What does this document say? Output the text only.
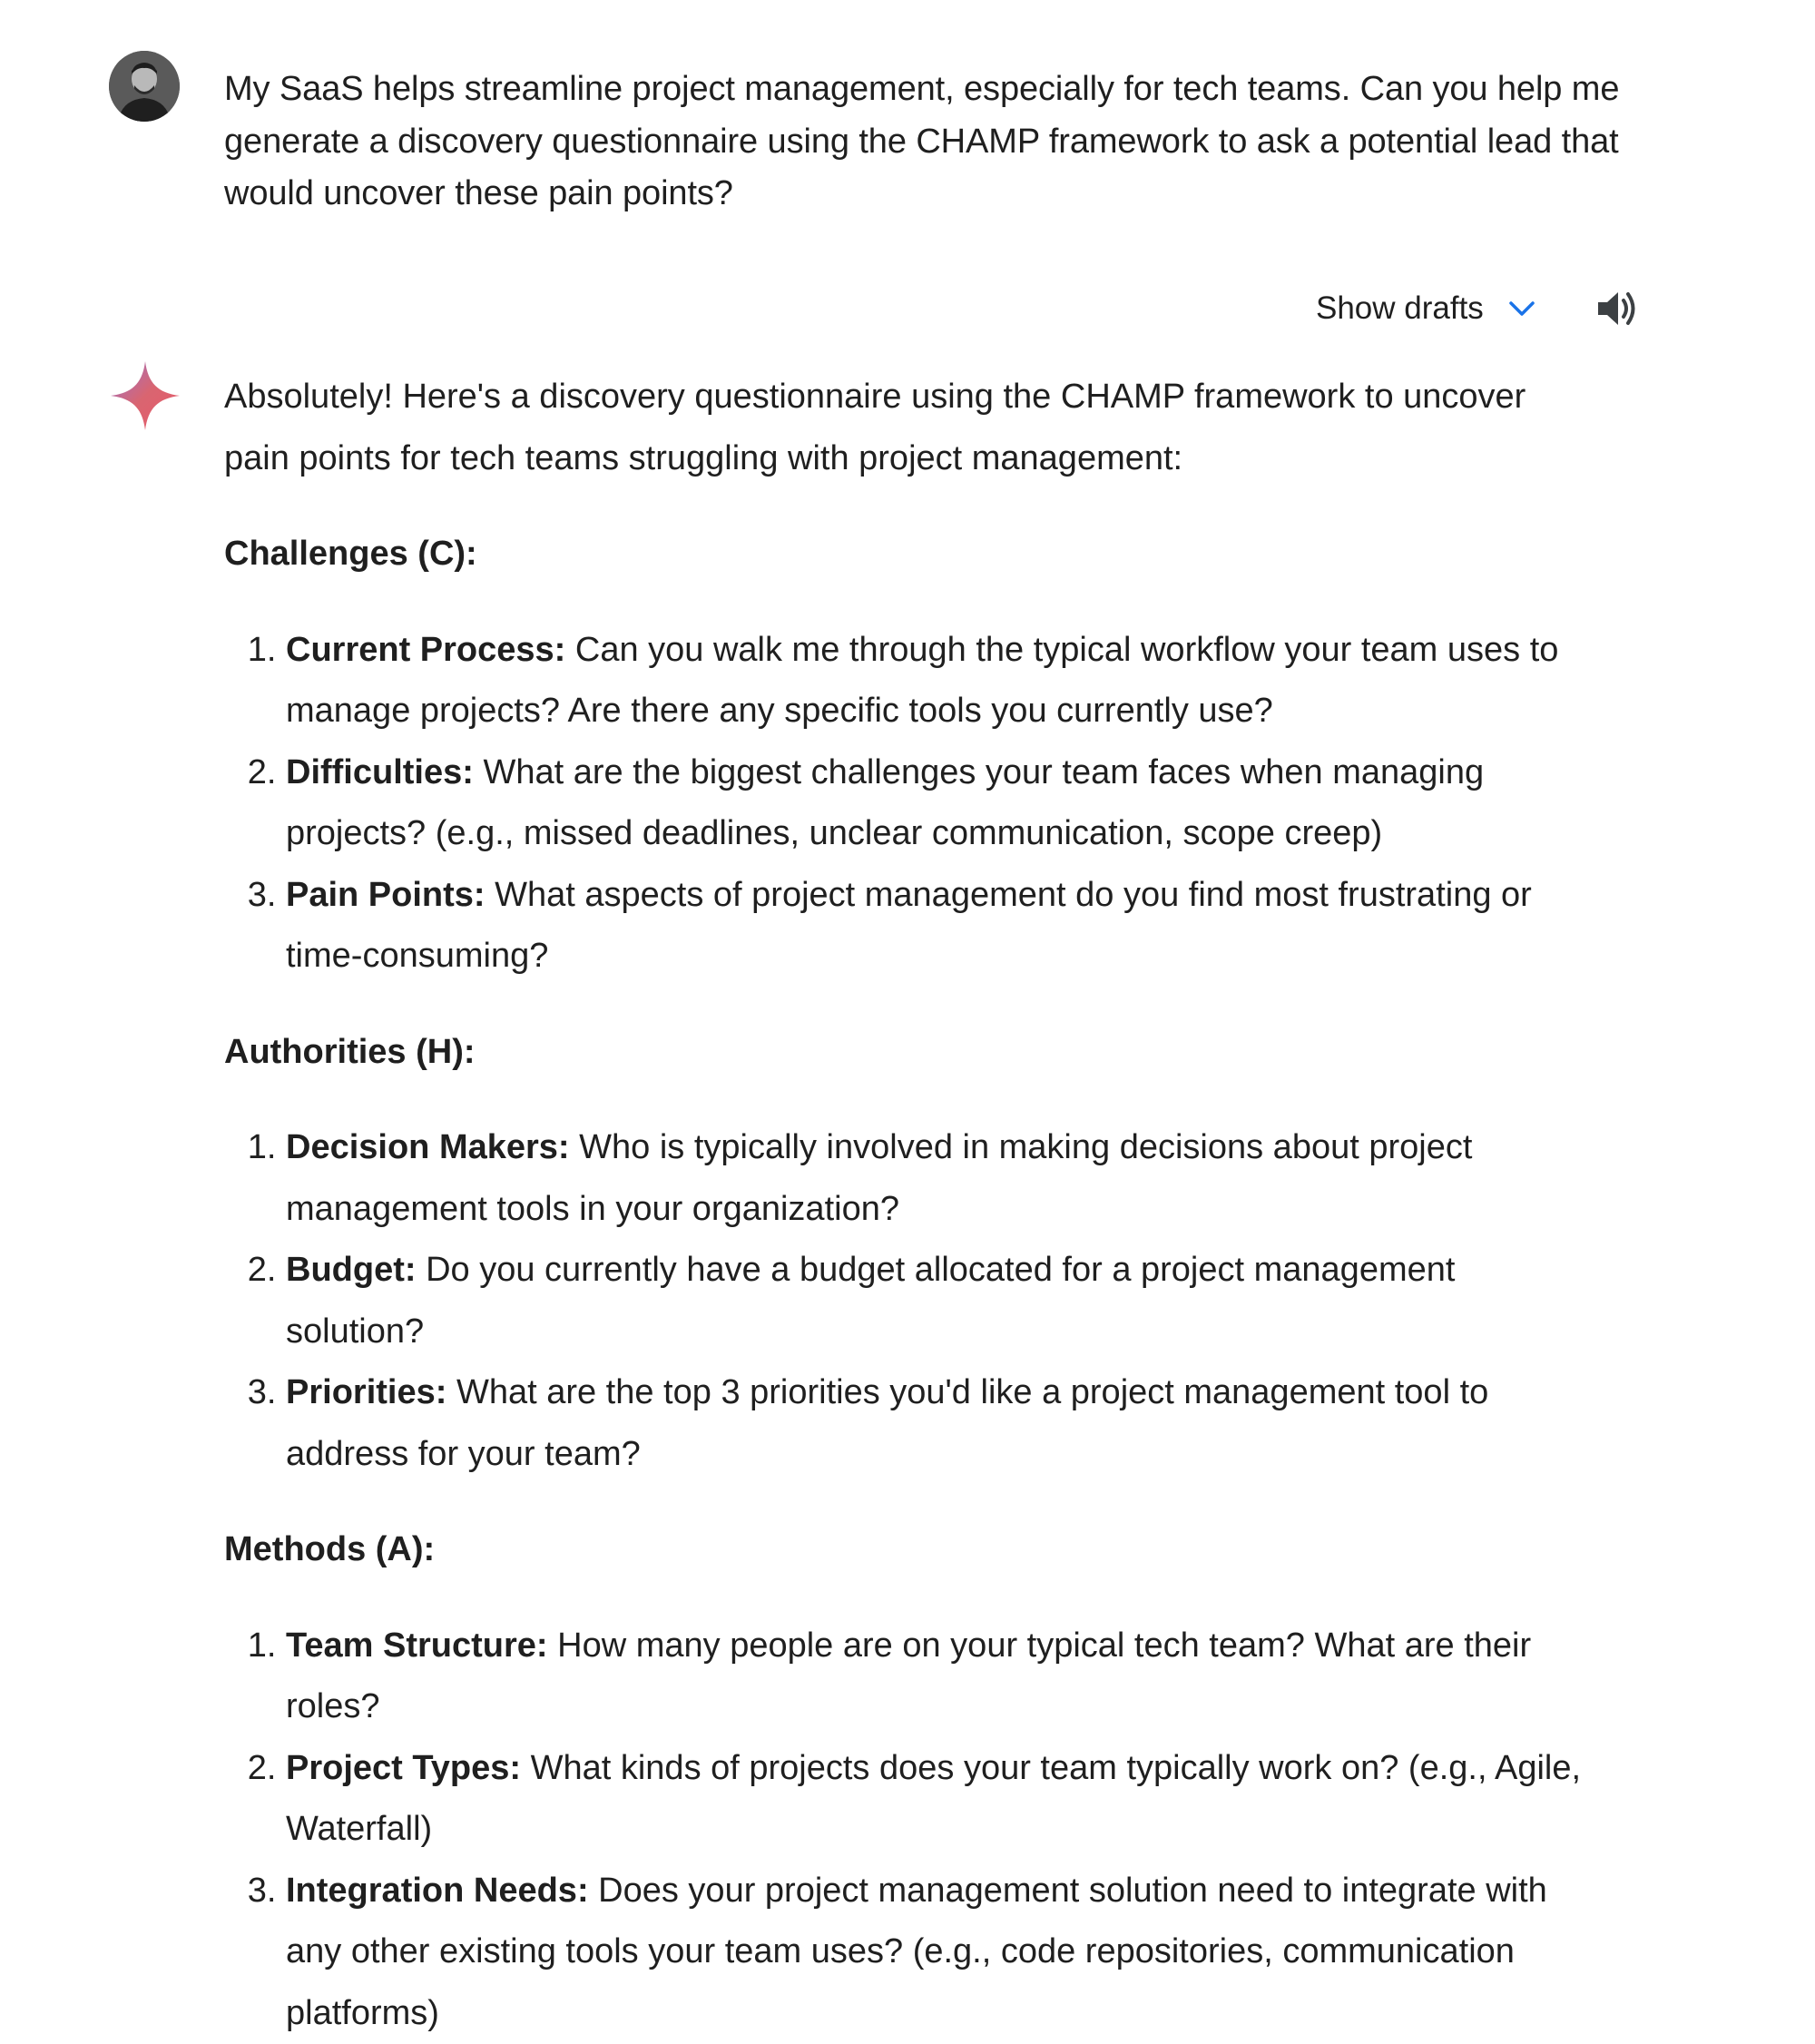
My SaaS helps streamline project management, especially for tech teams. Can you help me generate a discovery questionnaire using the CHAMP framework to ask a potential lead that would uncover these pain points?

Show drafts

Absolutely! Here's a discovery questionnaire using the CHAMP framework to uncover pain points for tech teams struggling with project management:

Challenges (C):

1. Current Process: Can you walk me through the typical workflow your team uses to manage projects? Are there any specific tools you currently use?
2. Difficulties: What are the biggest challenges your team faces when managing projects? (e.g., missed deadlines, unclear communication, scope creep)
3. Pain Points: What aspects of project management do you find most frustrating or time-consuming?

Authorities (H):

1. Decision Makers: Who is typically involved in making decisions about project management tools in your organization?
2. Budget: Do you currently have a budget allocated for a project management solution?
3. Priorities: What are the top 3 priorities you'd like a project management tool to address for your team?

Methods (A):

1. Team Structure: How many people are on your typical tech team? What are their roles?
2. Project Types: What kinds of projects does your team typically work on? (e.g., Agile, Waterfall)
3. Integration Needs: Does your project management solution need to integrate with any other existing tools your team uses? (e.g., code repositories, communication platforms)
